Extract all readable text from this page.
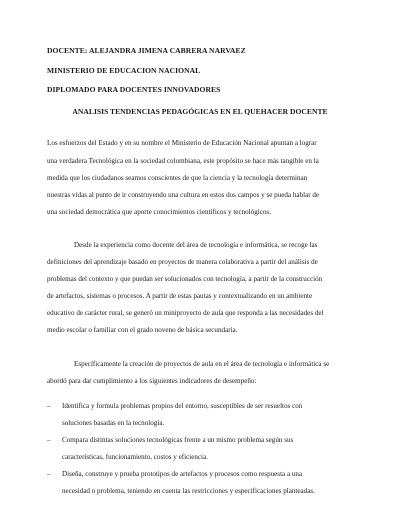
DOCENTE: ALEJANDRA JIMENA CABRERA NARVAEZ
MINISTERIO DE EDUCACION NACIONAL
DIPLOMADO PARA DOCENTES INNOVADORES
ANALISIS TENDENCIAS PEDAGÓGICAS EN EL QUEHACER DOCENTE
Los esfuerzos del Estado y en su nombre el Ministerio de Educación Nacional apuntan a lograr
una verdadera Tecnológica en la sociedad colombiana, este propósito se hace más tangible en la
medida que los ciudadanos seamos conscientes de que la ciencia y la tecnología determinan
nuestras vidas al punto de ir construyendo una cultura en estos dos campos y se pueda hablar de
una sociedad democrática que aporte conocimientos científicos y tecnológicos.
Desde la experiencia como docente del área de tecnología e informática, se recoge las
definiciones del aprendizaje basado en proyectos de manera colaborativa a partir del análisis de
problemas del contexto y que puedan ser solucionados con tecnología, a partir de la construcción
de artefactos, sistemas o procesos. A partir de estas pautas y contextualizando en un ambiente
educativo de carácter rural, se generó un miniproyecto de aula que responda a las necesidades del
medio escolar o familiar con el grado noveno de básica secundaria.
Específicamente la creación de proyectos de aula en el área de tecnología e informática se
abordó para dar cumplimiento a los siguientes indicadores de desempeño:
– Identifica y formula problemas propios del entorno, susceptibles de ser resueltos con
soluciones basadas en la tecnología.
– Compara distintas soluciones tecnológicas frente a un mismo problema según sus
características, funcionamiento, costos y eficiencia.
– Diseña, construye y prueba prototipos de artefactos y procesos como respuesta a una
necesidad o problema, teniendo en cuenta las restricciones y especificaciones planteadas.
